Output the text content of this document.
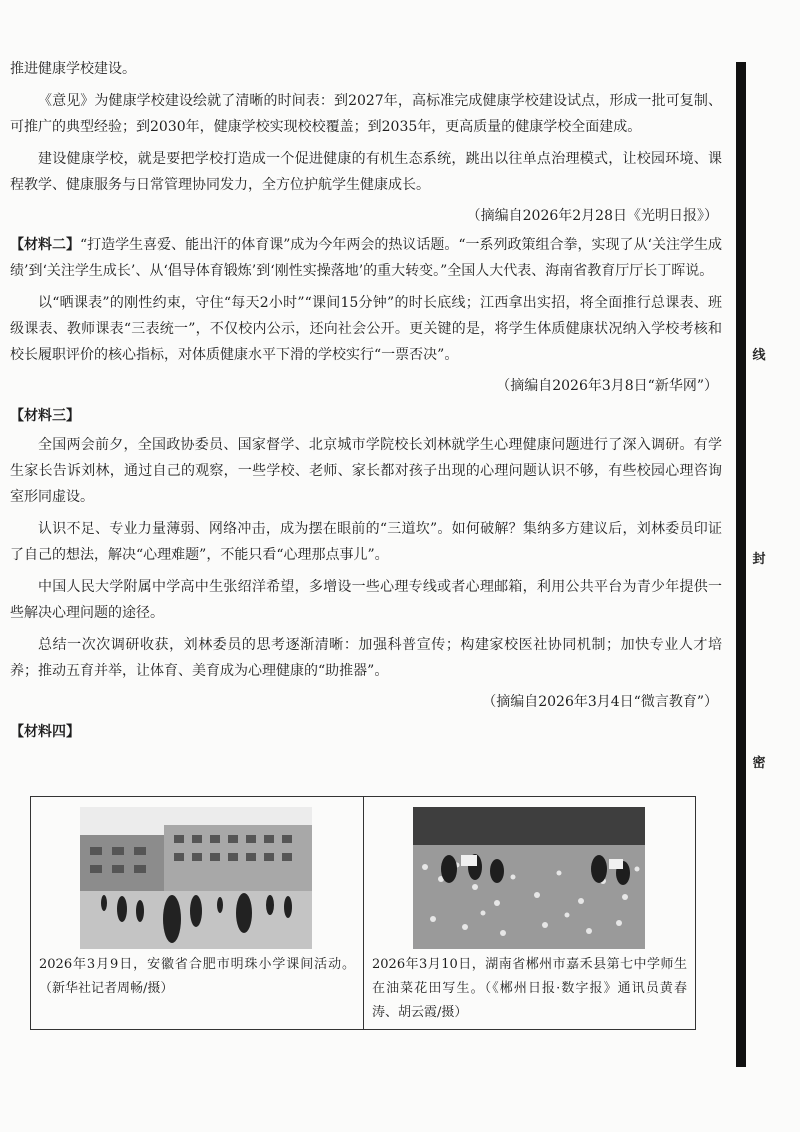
推进健康学校建设。

《意见》为健康学校建设绘就了清晰的时间表：到2027年，高标准完成健康学校建设试点，形成一批可复制、可推广的典型经验；到2030年，健康学校实现校校覆盖；到2035年，更高质量的健康学校全面建成。

建设健康学校，就是要把学校打造成一个促进健康的有机生态系统，跳出以往单点治理模式，让校园环境、课程教学、健康服务与日常管理协同发力，全方位护航学生健康成长。

（摘编自2026年2月28日《光明日报》）

【材料二】“打造学生喜爱、能出汗的体育课”成为今年两会的热议话题。“一系列政策组合拳，实现了从‘关注学生成绩’到‘关注学生成长’、从‘倡导体育锻炼’到‘刚性实操落地’的重大转变。”全国人大代表、海南省教育厅厅长丁晖说。

以“晒课表”的刚性约束，守住“每天2小时”“课间15分钟”的时长底线；江西拿出实招，将全面推行总课表、班级课表、教师课表“三表统一”，不仅校内公示，还向社会公开。更关键的是，将学生体质健康状况纳入学校考核和校长履职评价的核心指标，对体质健康水平下滑的学校实行“一票否决”。

（摘编自2026年3月8日“新华网”）

【材料三】

全国两会前夕，全国政协委员、国家督学、北京城市学院校长刘林就学生心理健康问题进行了深入调研。有学生家长告诉刘林，通过自己的观察，一些学校、老师、家长都对孩子出现的心理问题认识不够，有些校园心理咨询室形同虚设。

认识不足、专业力量薄弱、网络冲击，成为摆在眼前的“三道坎”。如何破解？集纳多方建议后，刘林委员印证了自己的想法，解决“心理难题”，不能只看“心理那点事儿”。

中国人民大学附属中学高中生张绍洋希望，多增设一些心理专线或者心理邮箱，利用公共平台为青少年提供一些解决心理问题的途径。

总结一次次调研收获，刘林委员的思考逐渐清晰：加强科普宣传；构建家校医社协同机制；加快专业人才培养；推动五育并举，让体育、美育成为心理健康的“助推器”。

（摘编自2026年3月4日“微言教育”）

【材料四】

2026年3月9日，安徽省合肥市明珠小学课间活动。（新华社记者周畅/摄）
2026年3月10日，湖南省郴州市嘉禾县第七中学师生在油菜花田写生。（《郴州日报·数字报》通讯员黄春涛、胡云霞/摄）
线
封
密
